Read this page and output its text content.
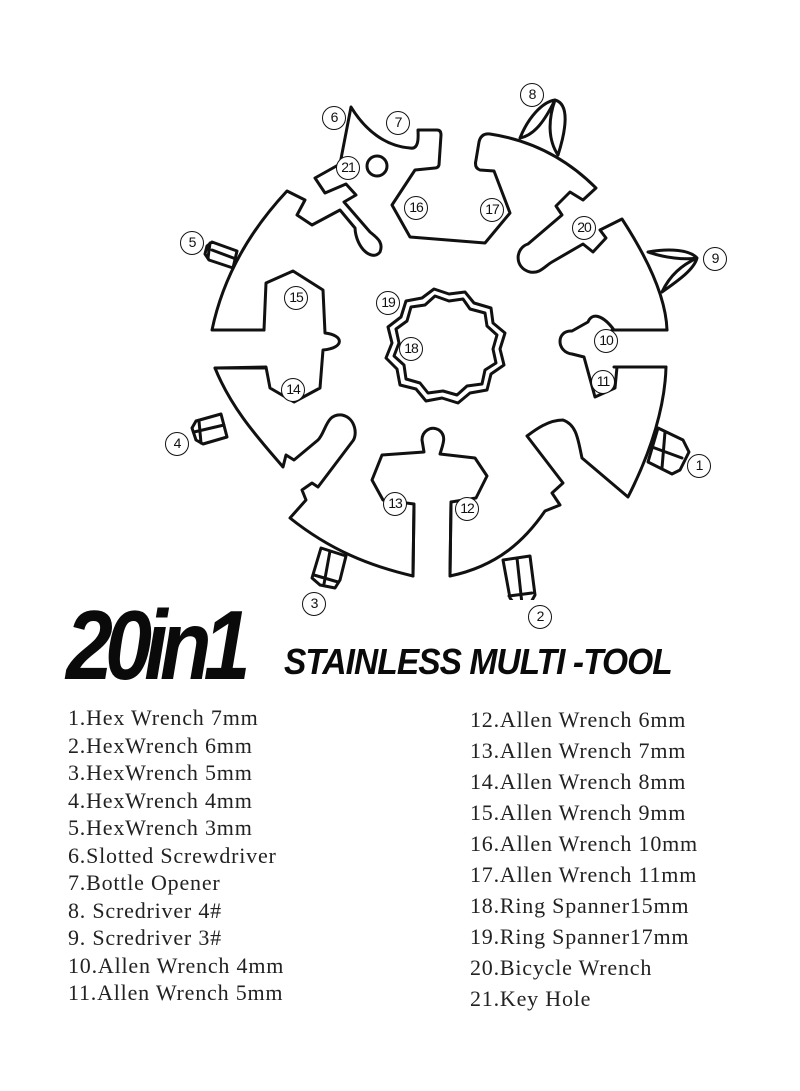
1
2
3
4
5
6	7
8
9
10
11
12
13
14
15
16	17
18
19
20
21
20in1 STAINLESS MULTI -TOOL
1.Hex Wrench 7mm
2.HexWrench 6mm
3.HexWrench 5mm
4.HexWrench 4mm
5.HexWrench 3mm
6.Slotted Screwdriver
7.Bottle Opener
8. Scredriver 4#
9. Scredriver 3#
10.Allen Wrench 4mm
11.Allen Wrench 5mm
12.Allen Wrench 6mm
13.Allen Wrench 7mm
14.Allen Wrench 8mm
15.Allen Wrench 9mm
16.Allen Wrench 10mm
17.Allen Wrench 11mm
18.Ring Spanner15mm
19.Ring Spanner17mm
20.Bicycle Wrench
21.Key Hole
